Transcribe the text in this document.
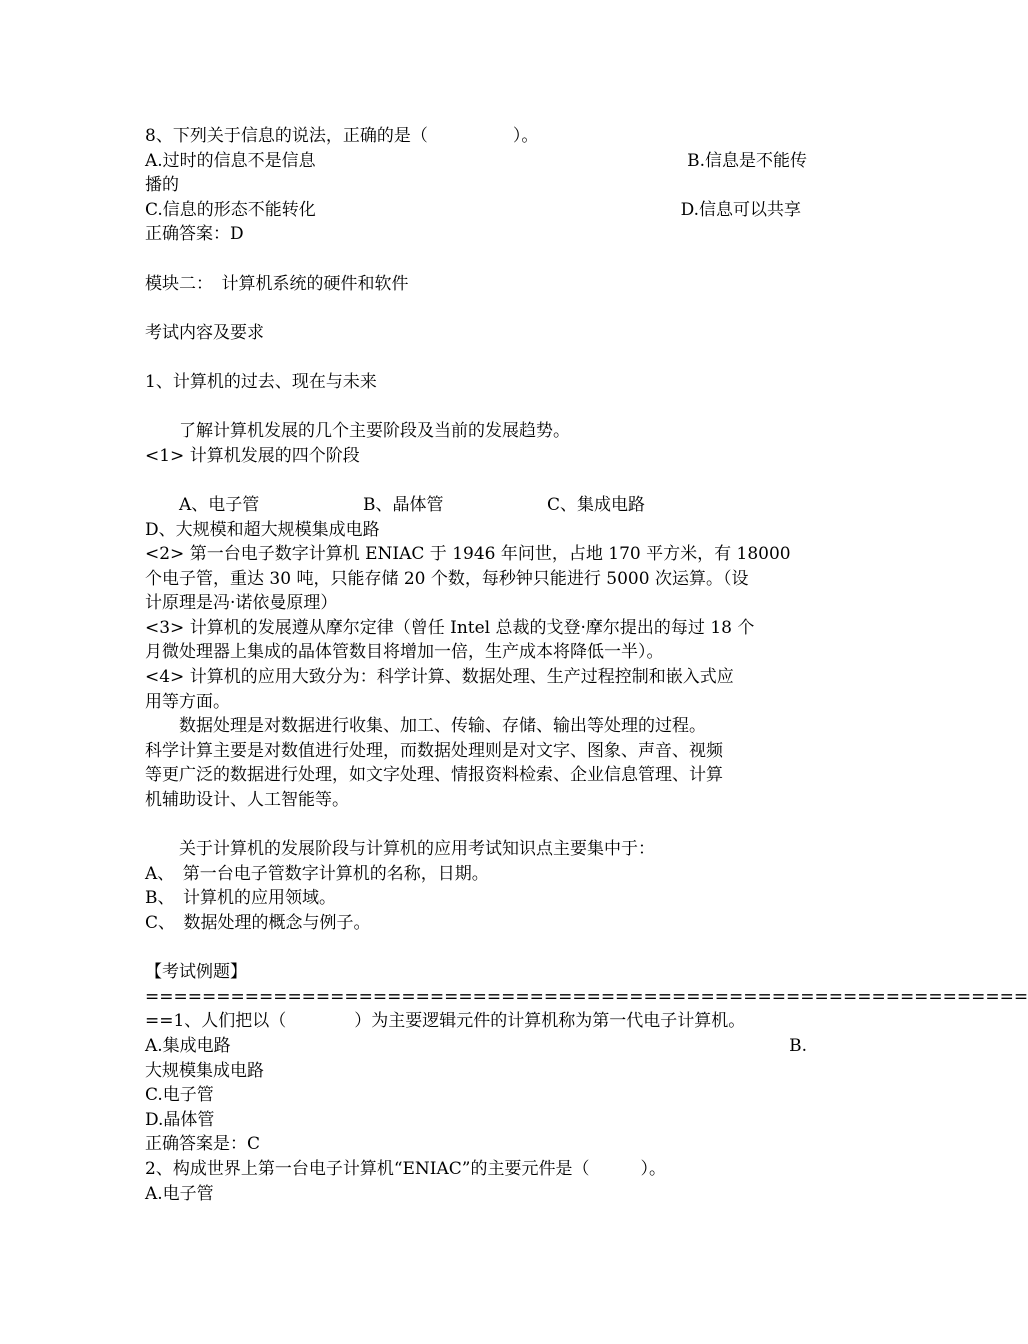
8、下列关于信息的说法，正确的是（　　　　　）。
A.过时的信息不是信息	B.信息是不能传
播的
C.信息的形态不能转化	D.信息可以共享
正确答案：D
模块二：　计算机系统的硬件和软件
考试内容及要求
1、计算机的过去、现在与未来
了解计算机发展的几个主要阶段及当前的发展趋势。
<1> 计算机发展的四个阶段
A、电子管	B、晶体管	C、集成电路
D、大规模和超大规模集成电路
<2> 第一台电子数字计算机 ENIAC 于 1946 年问世，占地 170 平方米，有 18000
个电子管，重达 30 吨，只能存储 20 个数，每秒钟只能进行 5000 次运算。（设
计原理是冯·诺依曼原理）
<3> 计算机的发展遵从摩尔定律（曾任 Intel 总裁的戈登·摩尔提出的每过 18 个
月微处理器上集成的晶体管数目将增加一倍，生产成本将降低一半）。
<4> 计算机的应用大致分为：科学计算、数据处理、生产过程控制和嵌入式应
用等方面。
数据处理是对数据进行收集、加工、传输、存储、输出等处理的过程。
科学计算主要是对数值进行处理，而数据处理则是对文字、图象、声音、视频
等更广泛的数据进行处理，如文字处理、情报资料检索、企业信息管理、计算
机辅助设计、人工智能等。
关于计算机的发展阶段与计算机的应用考试知识点主要集中于：
A、　第一台电子管数字计算机的名称，日期。
B、　计算机的应用领域。
C、　数据处理的概念与例子。
【考试例题】
==============================================================
==1、人们把以（　　　　）为主要逻辑元件的计算机称为第一代电子计算机。
A.集成电路	B.
大规模集成电路
C.电子管
D.晶体管
正确答案是：C
2、构成世界上第一台电子计算机“ENIAC”的主要元件是（　　　）。
A.电子管
